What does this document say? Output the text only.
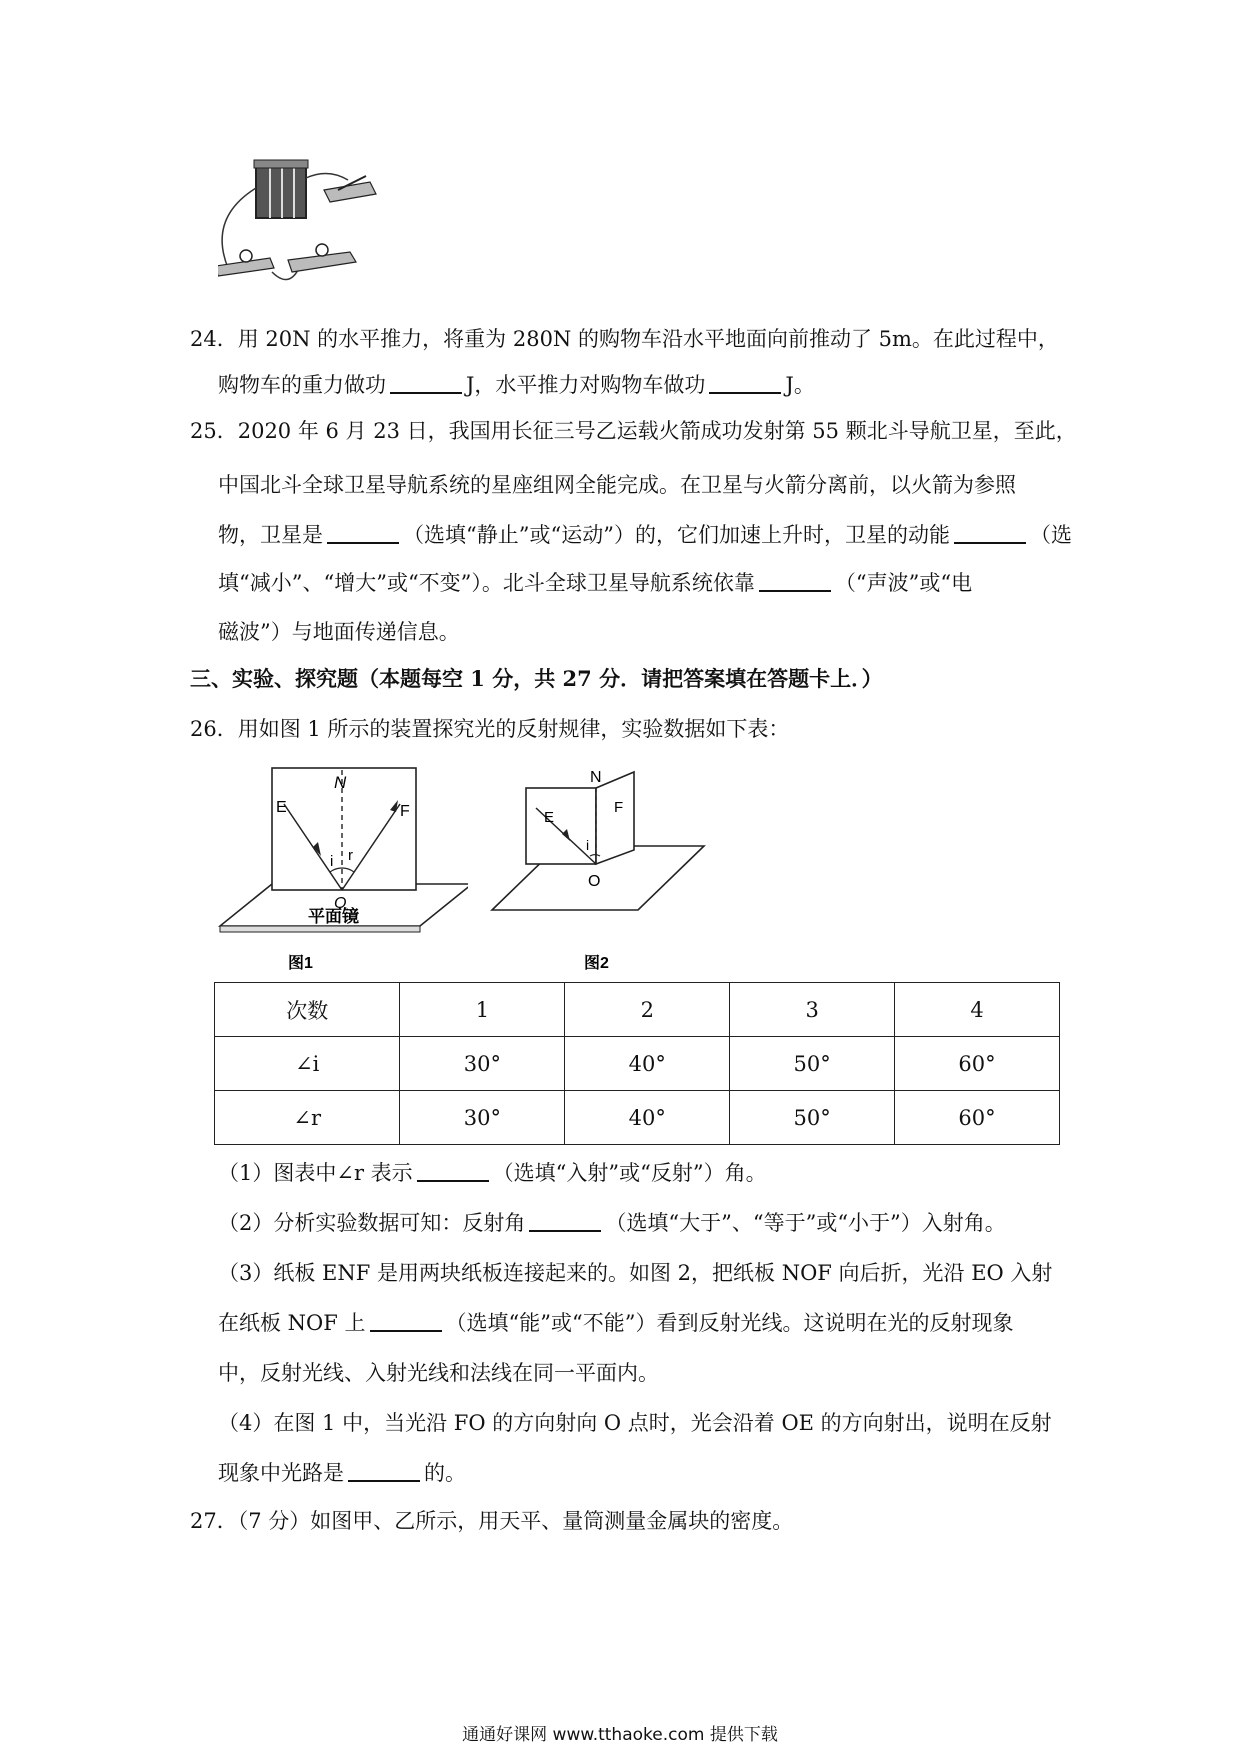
24．用 20N 的水平推力，将重为 280N 的购物车沿水平地面向前推动了 5m。在此过程中，
购物车的重力做功	J，水平推力对购物车做功	J。
25．2020 年 6 月 23 日，我国用长征三号乙运载火箭成功发射第 55 颗北斗导航卫星，至此，
中国北斗全球卫星导航系统的星座组网全能完成。在卫星与火箭分离前，以火箭为参照
物，卫星是	（选填“静止”或“运动”）的，它们加速上升时，卫星的动能	（选
填“减小”、“增大”或“不变”）。北斗全球卫星导航系统依靠	（“声波”或“电
磁波”）与地面传递信息。
三、实验、探究题（本题每空 1 分，共 27 分．请把答案填在答题卡上．）
26．用如图 1 所示的装置探究光的反射规律，实验数据如下表：
N
E	F
i r
O
平面镜
图1
N
E
F
i
O
图2
次数	1	2	3	4
∠i	30°	40°	50°	60°
∠r	30°	40°	50°	60°
（1）图表中∠r 表示	（选填“入射”或“反射”）角。
（2）分析实验数据可知：反射角	（选填“大于”、“等于”或“小于”）入射角。
（3）纸板 ENF 是用两块纸板连接起来的。如图 2，把纸板 NOF 向后折，光沿 EO 入射
在纸板 NOF 上	（选填“能”或“不能”）看到反射光线。这说明在光的反射现象
中，反射光线、入射光线和法线在同一平面内。
（4）在图 1 中，当光沿 FO 的方向射向 O 点时，光会沿着 OE 的方向射出，说明在反射
现象中光路是	的。
27．（7 分）如图甲、乙所示，用天平、量筒测量金属块的密度。
通通好课网 www.tthaoke.com 提供下载
